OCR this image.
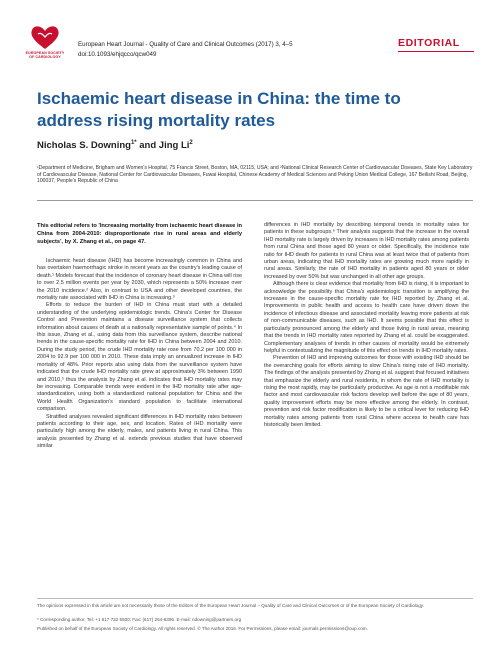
EUROPEAN SOCIETY OF CARDIOLOGY
European Heart Journal - Quality of Care and Clinical Outcomes (2017) 3, 4–5
doi:10.1093/ehjqcco/qcw049
EDITORIAL
Ischaemic heart disease in China: the time to address rising mortality rates
Nicholas S. Downing$^{1*}$ and Jing Li$^2$
¹Department of Medicine, Brigham and Women's Hospital, 75 Francis Street, Boston, MA, 02115, USA; and ²National Clinical Research Center of Cardiovascular Diseases, State Key Laboratory of Cardiovascular Disease, National Center for Cardiovascular Diseases, Fuwai Hospital, Chinese Academy of Medical Sciences and Peking Union Medical College, 167 Beilishi Road, Beijing, 100037, People's Republic of China

This editorial refers to 'Increasing mortality from ischaemic heart disease in China from 2004-2010: disproportionate rise in rural areas and elderly subjects', by X. Zhang et al., on page 47.

Ischaemic heart disease (IHD) has become increasingly common in China and has overtaken haemorrhagic stroke in recent years as the country's leading cause of death.¹ Models forecast that the incidence of coronary heart disease in China will rise to over 2.5 million events per year by 2030, which represents a 50% increase over the 2010 incidence.² Also, in contrast to USA and other developed countries, the mortality rate associated with IHD in China is increasing.³

Efforts to reduce the burden of IHD in China must start with a detailed understanding of the underlying epidemiologic trends. China's Center for Disease Control and Prevention maintains a disease surveillance system that collects information about causes of death at a nationally representative sample of points.⁴ In this issue, Zhang et al., using data from this surveillance system, describe national trends in the cause-specific mortality rate for IHD in China between 2004 and 2010. During the study period, the crude IHD mortality rate rose from 70.2 per 100 000 in 2004 to 92.9 per 100 000 in 2010. These data imply an annualized increase in IHD mortality of 48%. Prior reports also using data from the surveillance system have indicated that the crude IHD mortality rate grew at approximately 3% between 1990 and 2010,⁵ thus the analysis by Zhang et al. indicates that IHD mortality rates may be increasing. Comparable trends were evident in the IHD mortality rate after age-standardization, using both a standardized national population for China and the World Health Organization's standard population to facilitate international comparison.

Stratified analyses revealed significant differences in IHD mortality rates between patients according to their age, sex, and location. Rates of IHD mortality were particularly high among the elderly, males, and patients living in rural China. This analysis presented by Zhang et al. extends previous studies that have observed similar

differences in IHD mortality by describing temporal trends in mortality rates for patients in these subgroups.⁶ Their analysis suggests that the increase in the overall IHD mortality rate is largely driven by increases in IHD mortality rates among patients from rural China and those aged 80 years or older. Specifically, the incidence rate ratio for IHD death for patients in rural China was at least twice that of patients from urban areas, indicating that IHD mortality rates are growing much more rapidly in rural areas. Similarly, the rate of IHD mortality in patients aged 80 years or older increased by over 50% but was unchanged in all other age groups.

Although there is clear evidence that mortality from IHD is rising, it is important to acknowledge the possibility that China's epidemiologic transition is amplifying the increases in the cause-specific mortality rate for IHD reported by Zhang et al. Improvements in public health and access to health care have driven down the incidence of infectious disease and associated mortality leaving more patients at risk of non-communicable diseases, such as IHD. It seems possible that this effect is particularly pronounced among the elderly and those living in rural areas, meaning that the trends in IHD mortality rates reported by Zhang et al. could be exaggerated. Complementary analyses of trends in other causes of mortality would be extremely helpful in contextualizing the magnitude of this effect on trends in IHD mortality rates.

Prevention of IHD and improving outcomes for those with existing IHD should be the overarching goals for efforts aiming to slow China's rising rate of IHD mortality. The findings of the analysis presented by Zhang et al. suggest that focused initiatives that emphasize the elderly and rural residents, in whom the rate of IHD mortality is rising the most rapidly, may be particularly productive. As age is not a modifiable risk factor and most cardiovascular risk factors develop well before the age of 80 years, quality improvement efforts may be more effective among the elderly. In contrast, prevention and risk factor modification is likely to be a critical lever for reducing IHD mortality rates among patients from rural China where access to health care has historically been limited.

The opinions expressed in this article are not necessarily those of the Editors of the European Heart Journal – Quality of Care and Clinical Outcomes or of the European Society of Cardiology.
* Corresponding author. Tel: +1 617 732 5500; Fax: (617) 264-6396. E-mail: ndowning@partners.org
Published on behalf of the European Society of Cardiology. All rights reserved. © The Author 2016. For Permissions, please email: journals.permissions@oup.com.
